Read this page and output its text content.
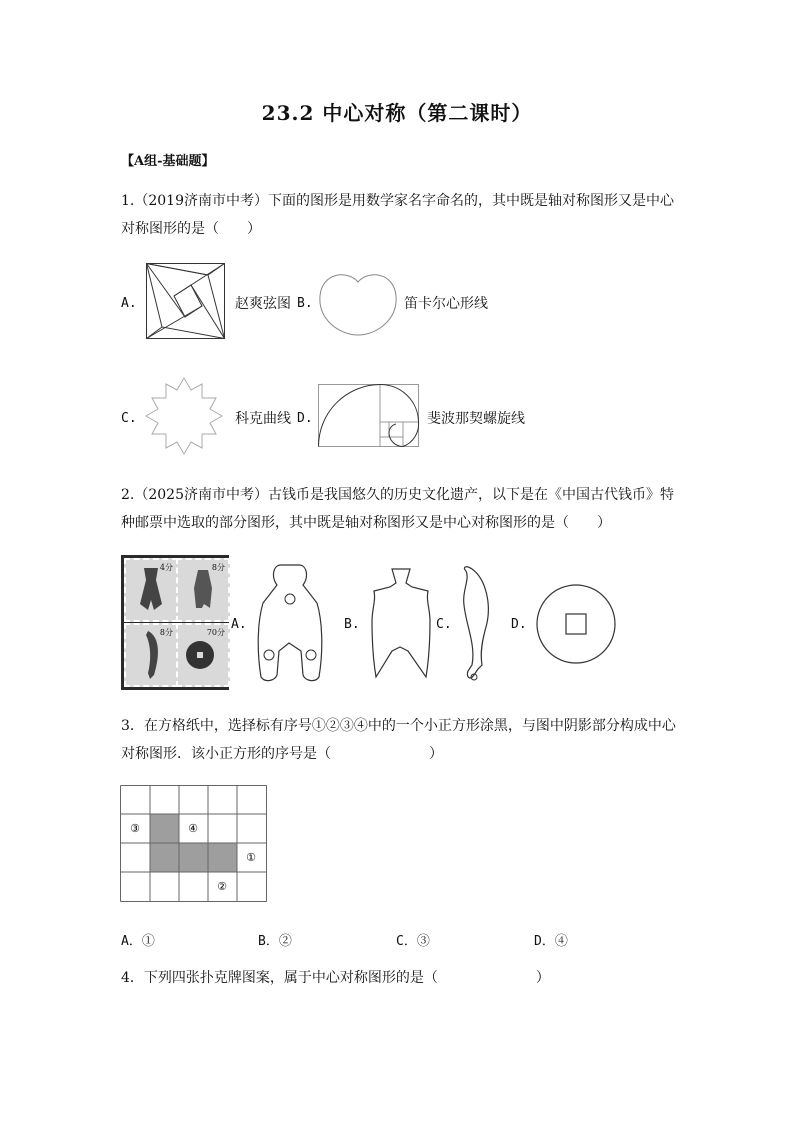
23.2 中心对称（第二课时）
【A组-基础题】
1.（2019济南市中考）下面的图形是用数学家名字命名的，其中既是轴对称图形又是中心
对称图形的是（　　）
A.	赵爽弦图 B.	笛卡尔心形线
C.	科克曲线 D.	斐波那契螺旋线
2.（2025济南市中考）古钱币是我国悠久的历史文化遗产，以下是在《中国古代钱币》特
种邮票中选取的部分图形，其中既是轴对称图形又是中心对称图形的是（　　）
4分	8分
8分	70分
A.	B.	C.	D.
3．在方格纸中，选择标有序号①②③④中的一个小正方形涂黑，与图中阴影部分构成中心
对称图形．该小正方形的序号是（　　　　　　　）
③	④
①
②
A．①	B．②	C．③	D．④
4．下列四张扑克牌图案，属于中心对称图形的是（　　　　　　　）
